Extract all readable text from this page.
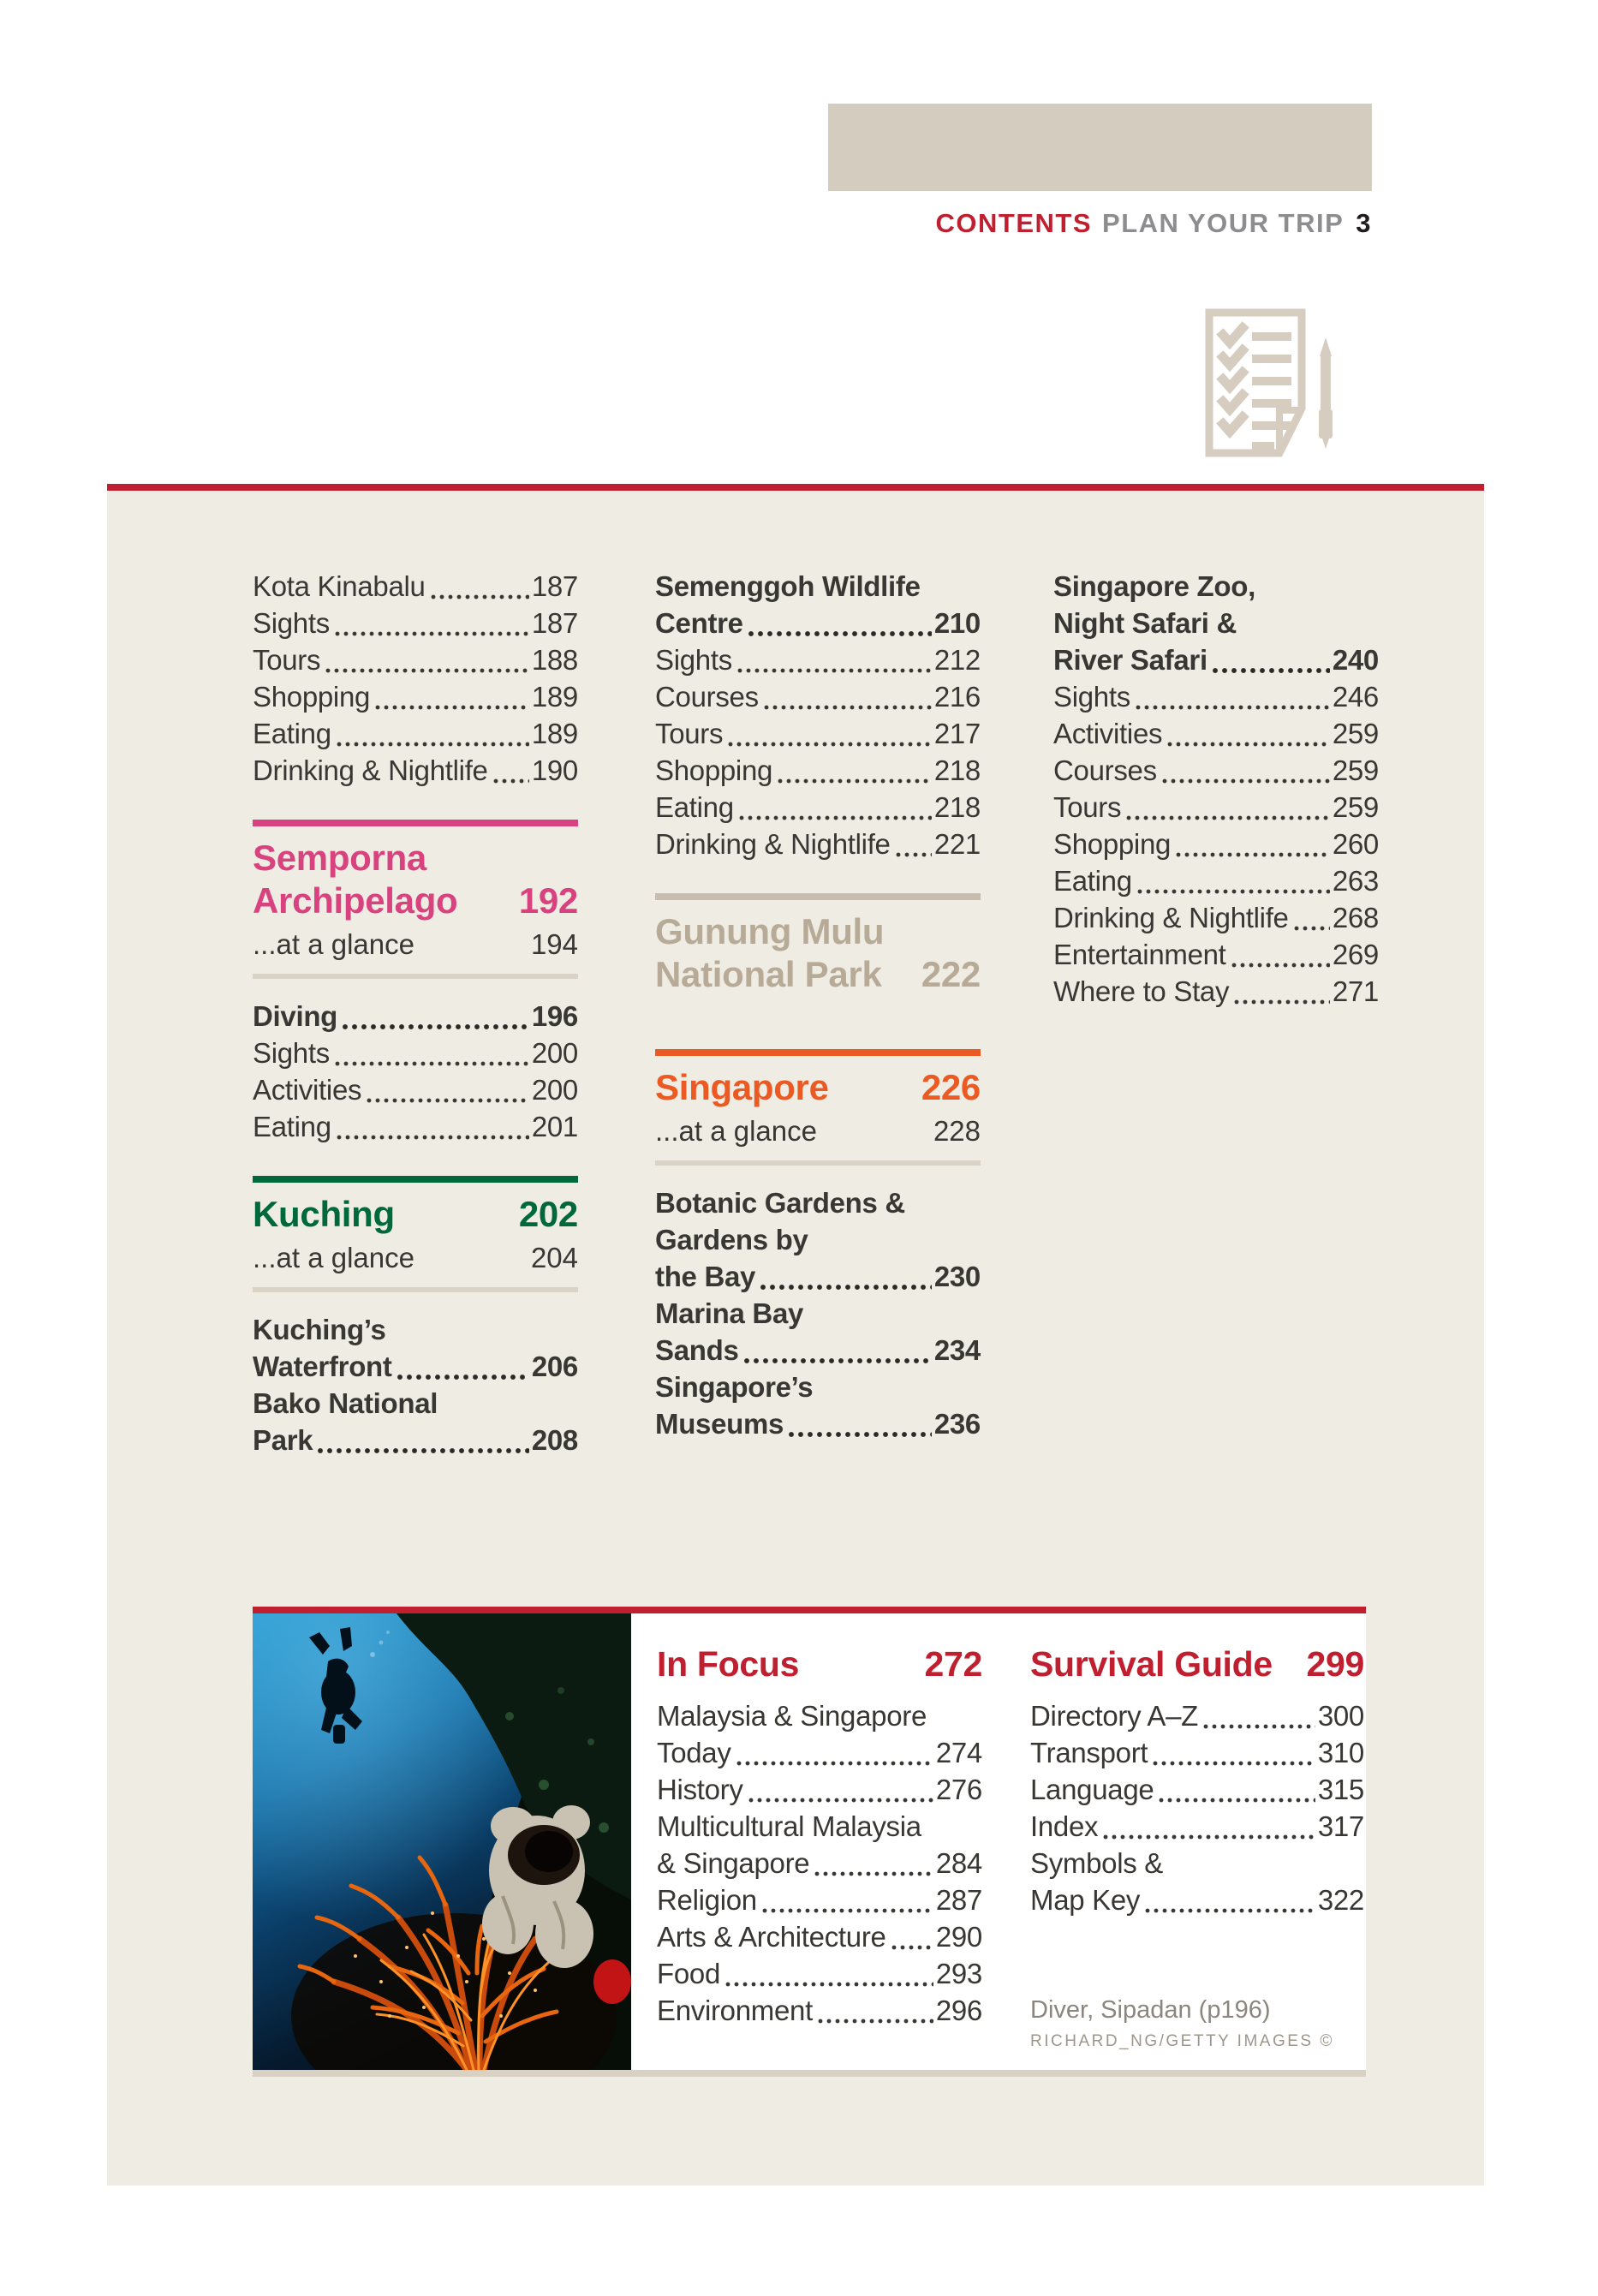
CONTENTS PLAN YOUR TRIP 3
Kota Kinabalu	187
Sights	187
Tours	188
Shopping	189
Eating	189
Drinking & Nightlife 190
Semporna
Archipelago 192
...at a glance	194
Diving	196
Sights	200
Activities	200
Eating	201
Kuching	202
...at a glance	204
Kuching’s
Waterfront	206
Bako National
Park	208
Semenggoh Wildlife
Centre	210
Sights	212
Courses	216
Tours	217
Shopping	218
Eating	218
Drinking & Nightlife 221
Gunung Mulu
National Park 222
Singapore	226
...at a glance	228
Botanic Gardens &
Gardens by
the Bay	230
Marina Bay
Sands	234
Singapore’s
Museums	236
Singapore Zoo,
Night Safari &
River Safari	240
Sights	246
Activities	259
Courses	259
Tours	259
Shopping	260
Eating	263
Drinking & Nightlife 268
Entertainment	269
Where to Stay	271
In Focus	272
Malaysia & Singapore
Today	274
History	276
Multicultural Malaysia
& Singapore	284
Religion	287
Arts & Architecture 290
Food	293
Environment	296
Survival Guide 299
Directory A–Z	300
Transport	310
Language	315
Index	317
Symbols &
Map Key	322
Diver, Sipadan (p196)
RICHARD_NG/GETTY IMAGES ©
